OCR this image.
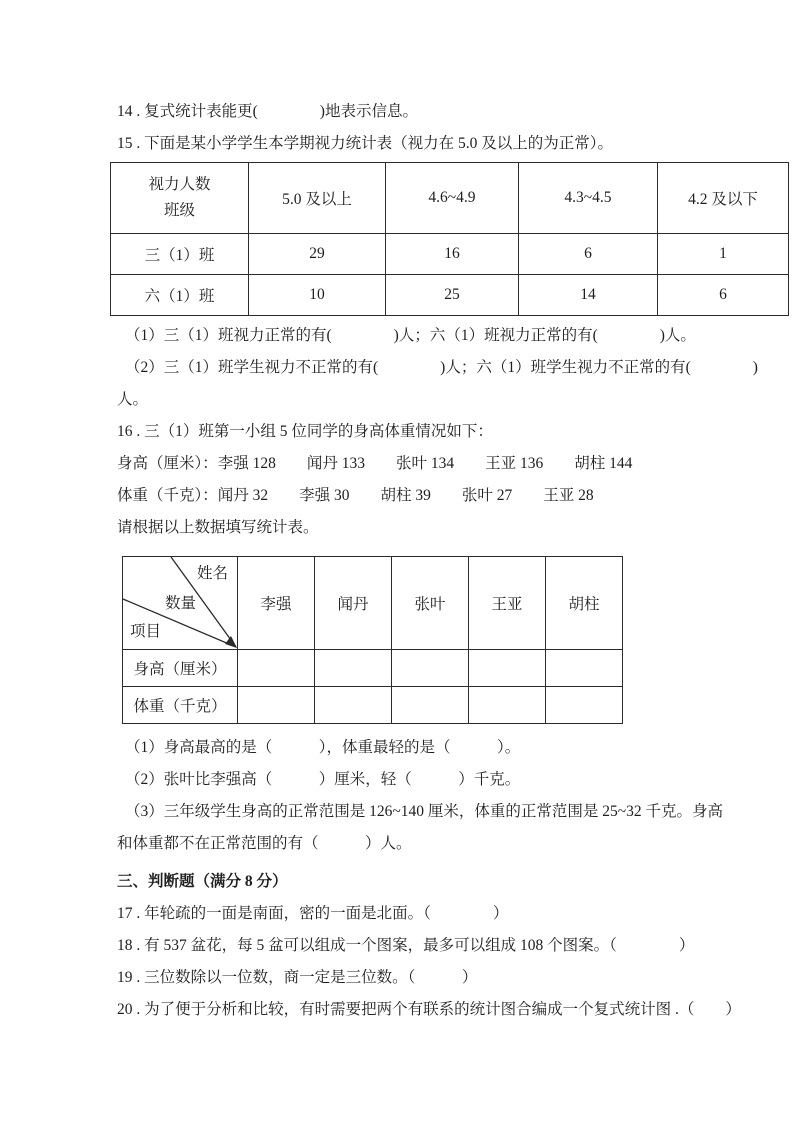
14 . 复式统计表能更(　　　　)地表示信息。

15 . 下面是某小学学生本学期视力统计表（视力在 5.0 及以上的为正常）。

视力人数
班级	5.0 及以上	4.6~4.9	4.3~4.5	4.2 及以下
三（1）班	29	16	6	1
六（1）班	10	25	14	6

（1）三（1）班视力正常的有(　　　　)人；六（1）班视力正常的有(　　　　)人。

（2）三（1）班学生视力不正常的有(　　　　)人；六（1）班学生视力不正常的有(　　　　)

人。

16 . 三（1）班第一小组 5 位同学的身高体重情况如下：

身高（厘米）：李强 128　　闻丹 133　　张叶 134　　王亚 136　　胡柱 144

体重（千克）：闻丹 32　　李强 30　　胡柱 39　　张叶 27　　王亚 28

请根据以上数据填写统计表。

姓名
数量
项目	李强	闻丹	张叶	王亚	胡柱
身高（厘米）					
体重（千克）					

（1）身高最高的是（　　　），体重最轻的是（　　　）。

（2）张叶比李强高（　　　）厘米，轻（　　　）千克。

（3）三年级学生身高的正常范围是 126~140 厘米，体重的正常范围是 25~32 千克。身高

和体重都不在正常范围的有（　　　）人。

三、判断题（满分 8 分）

17 . 年轮疏的一面是南面，密的一面是北面。（　　　　）

18 . 有 537 盆花，每 5 盆可以组成一个图案，最多可以组成 108 个图案。（　　　　）

19 . 三位数除以一位数，商一定是三位数。（　　　）

20 . 为了便于分析和比较，有时需要把两个有联系的统计图合编成一个复式统计图 .（　　）
